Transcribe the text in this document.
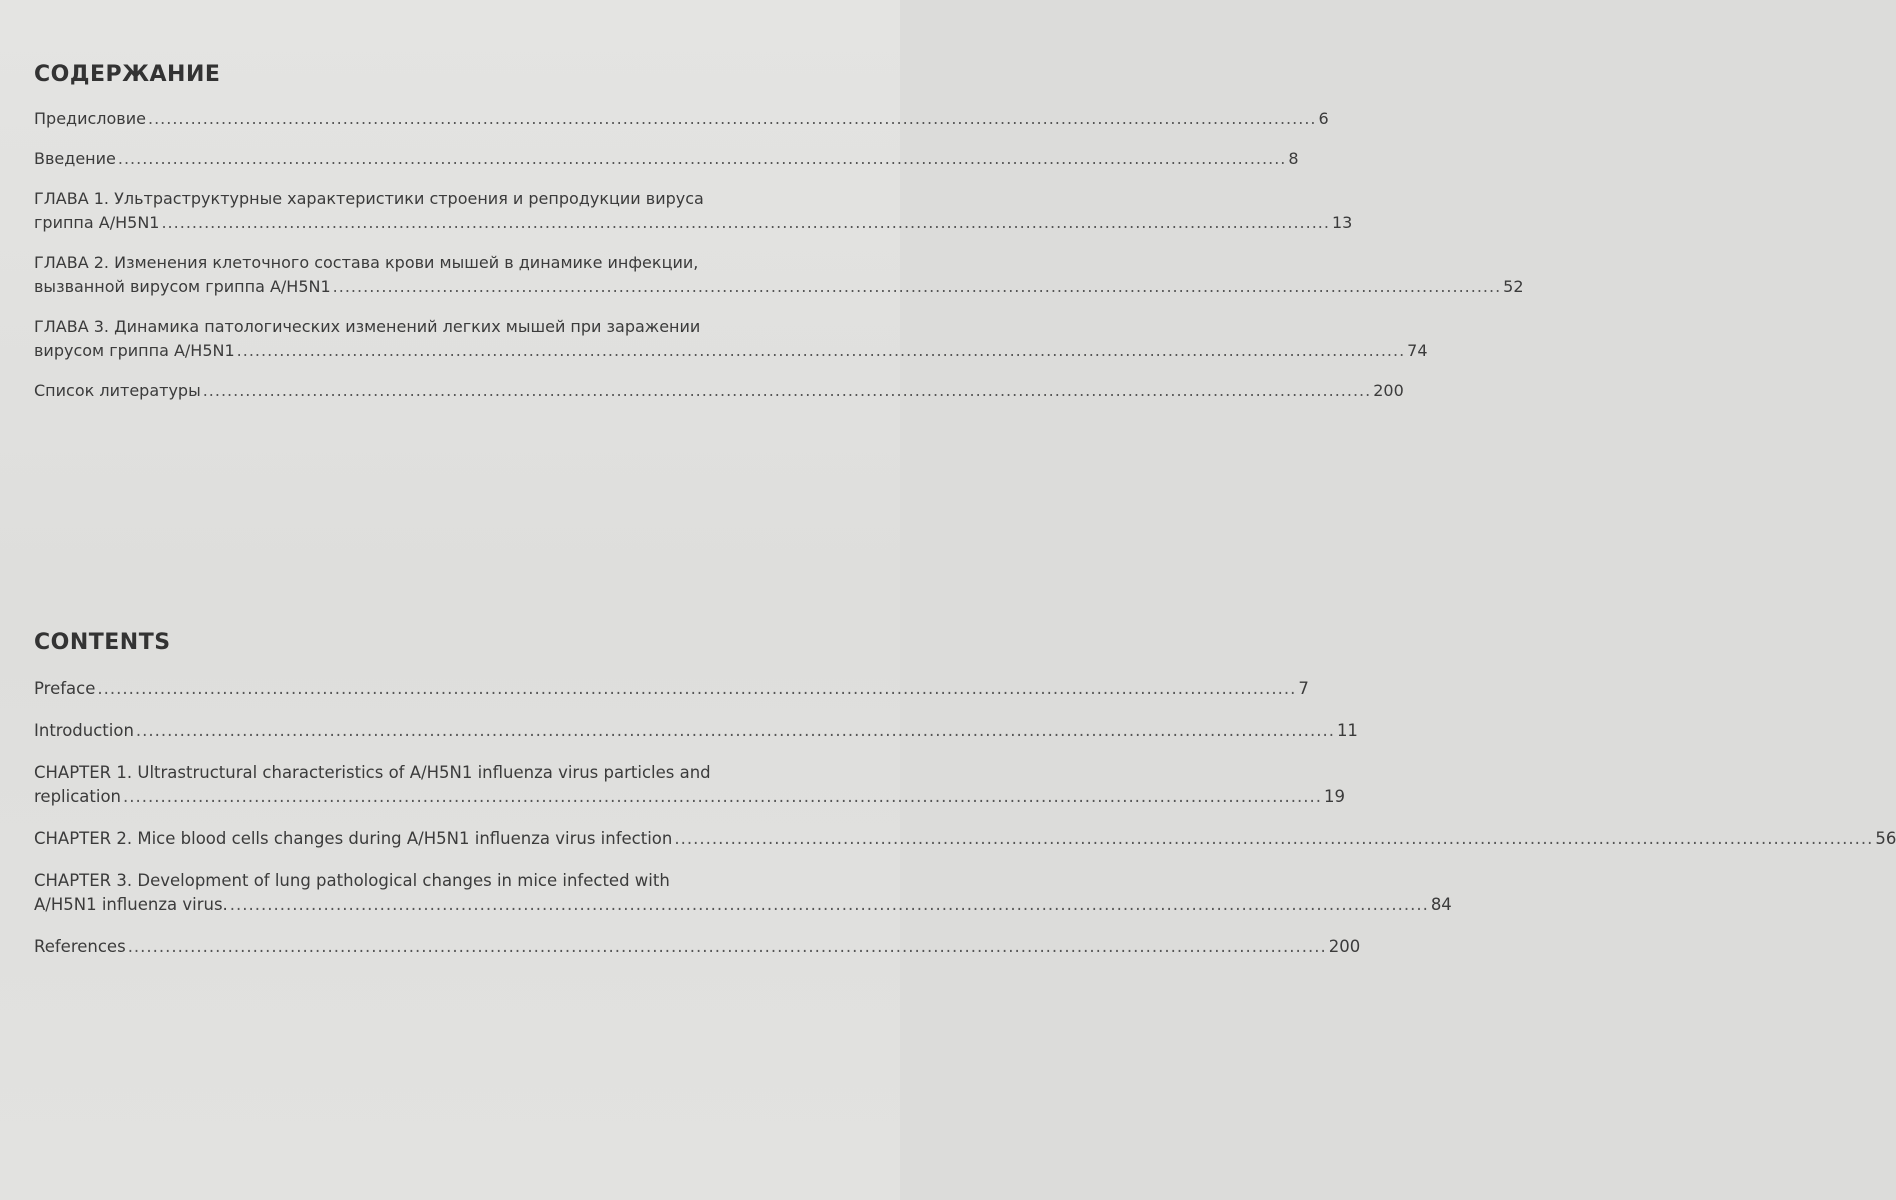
СОДЕРЖАНИЕ
Предисловие ................................................................................................................................................................................................ 6
Введение ................................................................................................................................................................................................ 8
ГЛАВА 1. Ультраструктурные характеристики строения и репродукции вируса
гриппа А/H5N1 ................................................................................................................................................................................................ 13
ГЛАВА 2. Изменения клеточного состава крови мышей в динамике инфекции,
вызванной вирусом гриппа А/H5N1 ................................................................................................................................................................................................ 52
ГЛАВА 3. Динамика патологических изменений легких мышей при заражении
вирусом гриппа А/H5N1 ................................................................................................................................................................................................ 74
Список литературы ................................................................................................................................................................................................ 200
CONTENTS
Preface ................................................................................................................................................................................................ 7
Introduction ................................................................................................................................................................................................ 11
CHAPTER 1. Ultrastructural characteristics of A/H5N1 influenza virus particles and
replication ................................................................................................................................................................................................ 19
CHAPTER 2. Mice blood cells changes during A/H5N1 influenza virus infection ................................................................................................................................................................................................ 56
CHAPTER 3. Development of lung pathological changes in mice infected with
A/H5N1 influenza virus. ................................................................................................................................................................................................ 84
References ................................................................................................................................................................................................ 200
